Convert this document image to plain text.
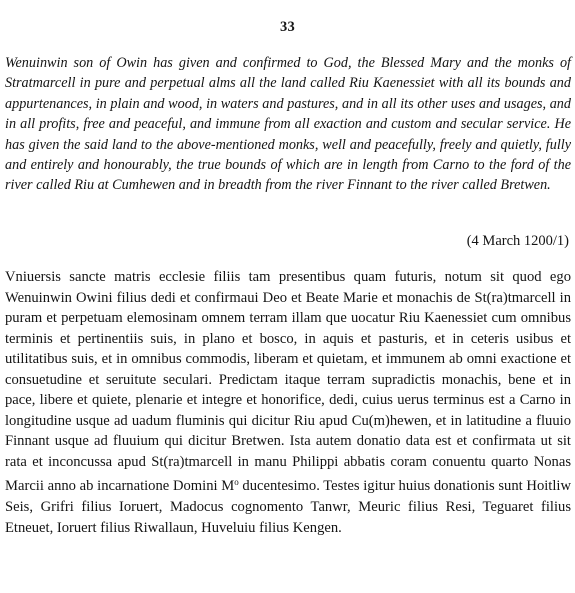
33

Wenuinwin son of Owin has given and confirmed to God, the Blessed Mary and the monks of Stratmarcell in pure and perpetual alms all the land called Riu Kaenessiet with all its bounds and appurtenances, in plain and wood, in waters and pastures, and in all its other uses and usages, and in all profits, free and peaceful, and immune from all exaction and custom and secular service. He has given the said land to the above-mentioned monks, well and peacefully, freely and quietly, fully and entirely and honourably, the true bounds of which are in length from Carno to the ford of the river called Riu at Cumhewen and in breadth from the river Finnant to the river called Bretwen.

(4 March 1200/1)

Vniuersis sancte matris ecclesie filiis tam presentibus quam futuris, notum sit quod ego Wenuinwin Owini filius dedi et confirmaui Deo et Beate Marie et monachis de St(ra)tmarcell in puram et perpetuam elemosinam omnem terram illam que uocatur Riu Kaenessiet cum omnibus terminis et pertinentiis suis, in plano et bosco, in aquis et pasturis, et in ceteris usibus et utilitatibus suis, et in omnibus commodis, liberam et quietam, et immunem ab omni exactione et consuetudine et seruitute seculari. Predictam itaque terram supradictis monachis, bene et in pace, libere et quiete, plenarie et integre et honorifice, dedi, cuius uerus terminus est a Carno in longitudine usque ad uadum fluminis qui dicitur Riu apud Cu(m)hewen, et in latitudine a fluuio Finnant usque ad fluuium qui dicitur Bretwen. Ista autem donatio data est et confirmata ut sit rata et inconcussa apud St(ra)tmarcell in manu Philippi abbatis coram conuentu quarto Nonas Marcii anno ab incarnatione Domini $M^o$ ducentesimo. Testes igitur huius donationis sunt Hoitliw Seis, Grifri filius Ioruert, Madocus cognomento Tanwr, Meuric filius Resi, Teguaret filius Etneuet, Ioruert filius Riwallaun, Huveluiu filius Kengen.
